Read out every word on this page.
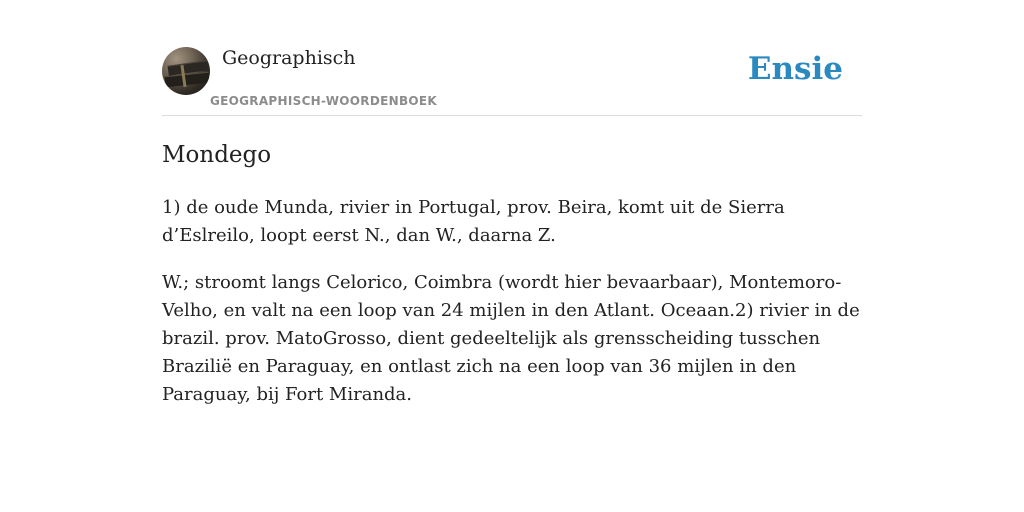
Geographisch
GEOGRAPHISCH-WOORDENBOEK
Ensie
Mondego

1) de oude Munda, rivier in Portugal, prov. Beira, komt uit de Sierra d’Eslreilo, loopt eerst N., dan W., daarna Z.

W.; stroomt langs Celorico, Coimbra (wordt hier bevaarbaar), Montemoro-Velho, en valt na een loop van 24 mijlen in den Atlant. Oceaan.2) rivier in de brazil. prov. MatoGrosso, dient gedeeltelijk als grensscheiding tusschen Brazilië en Paraguay, en ontlast zich na een loop van 36 mijlen in den Paraguay, bij Fort Miranda.
